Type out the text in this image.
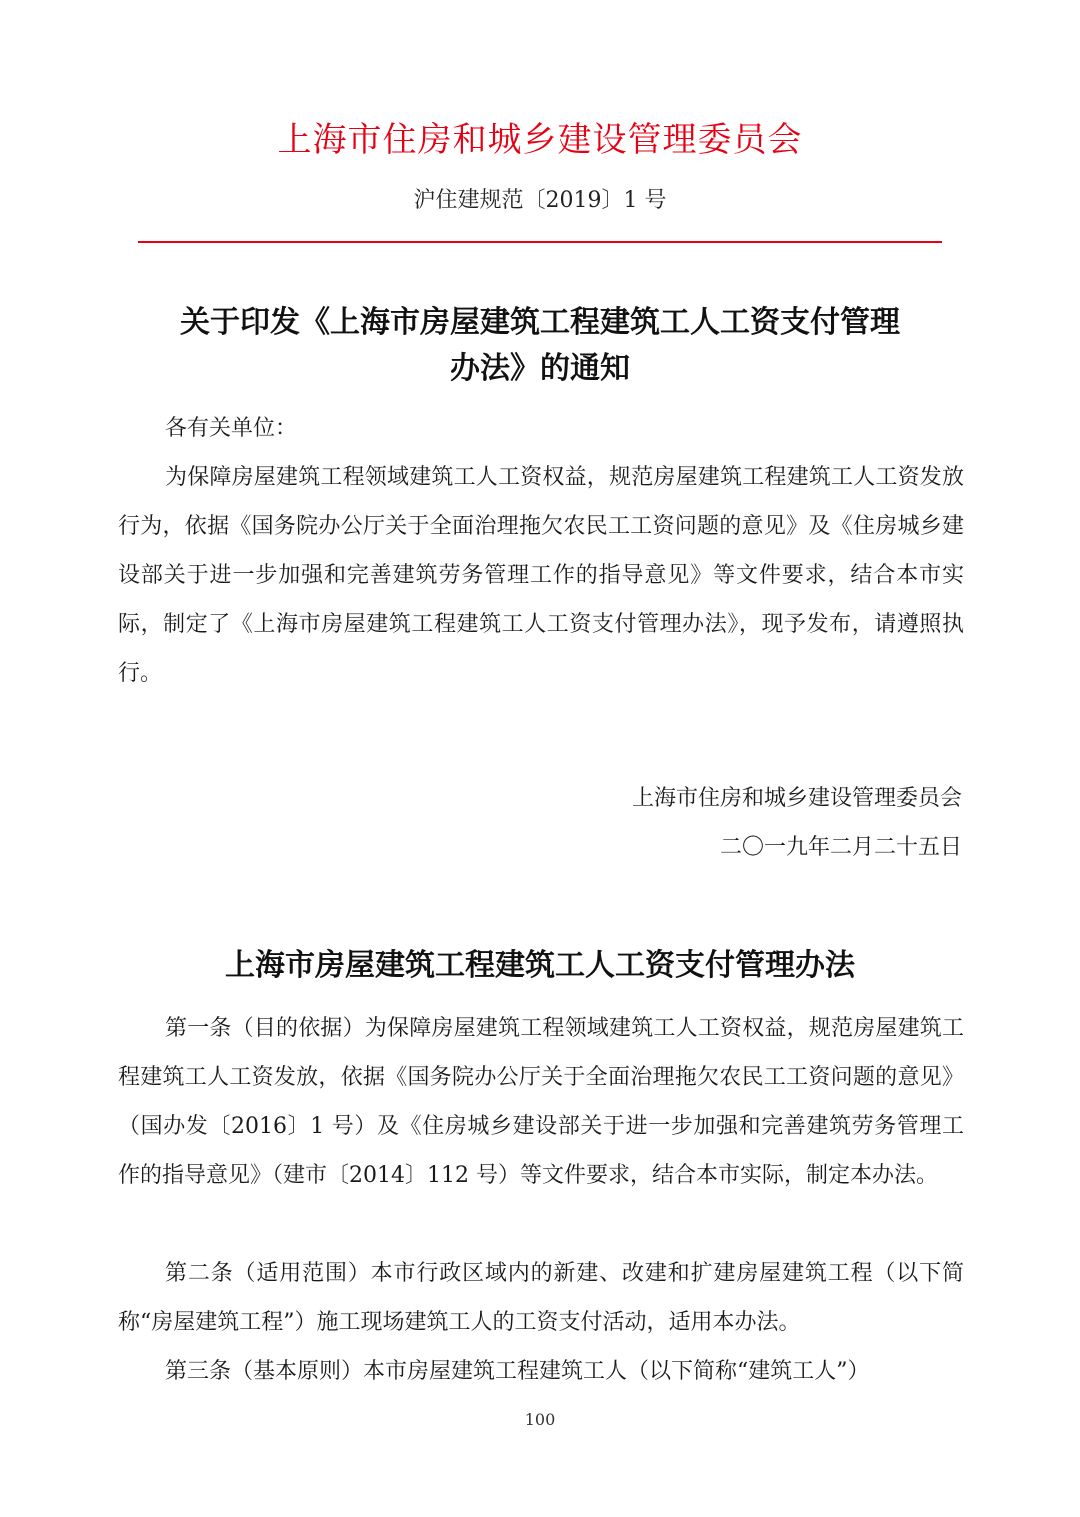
上海市住房和城乡建设管理委员会
沪住建规范〔2019〕1 号
关于印发《上海市房屋建筑工程建筑工人工资支付管理
办法》的通知
各有关单位：
为保障房屋建筑工程领域建筑工人工资权益，规范房屋建筑工程建筑工人工资发放行为，依据《国务院办公厅关于全面治理拖欠农民工工资问题的意见》及《住房城乡建设部关于进一步加强和完善建筑劳务管理工作的指导意见》等文件要求，结合本市实际，制定了《上海市房屋建筑工程建筑工人工资支付管理办法》，现予发布，请遵照执行。
上海市住房和城乡建设管理委员会
二〇一九年二月二十五日
上海市房屋建筑工程建筑工人工资支付管理办法
第一条（目的依据）为保障房屋建筑工程领域建筑工人工资权益，规范房屋建筑工程建筑工人工资发放，依据《国务院办公厅关于全面治理拖欠农民工工资问题的意见》（国办发〔2016〕1 号）及《住房城乡建设部关于进一步加强和完善建筑劳务管理工作的指导意见》（建市〔2014〕112 号）等文件要求，结合本市实际，制定本办法。
第二条（适用范围）本市行政区域内的新建、改建和扩建房屋建筑工程（以下简称“房屋建筑工程”）施工现场建筑工人的工资支付活动，适用本办法。
第三条（基本原则）本市房屋建筑工程建筑工人（以下简称“建筑工人”）
100
